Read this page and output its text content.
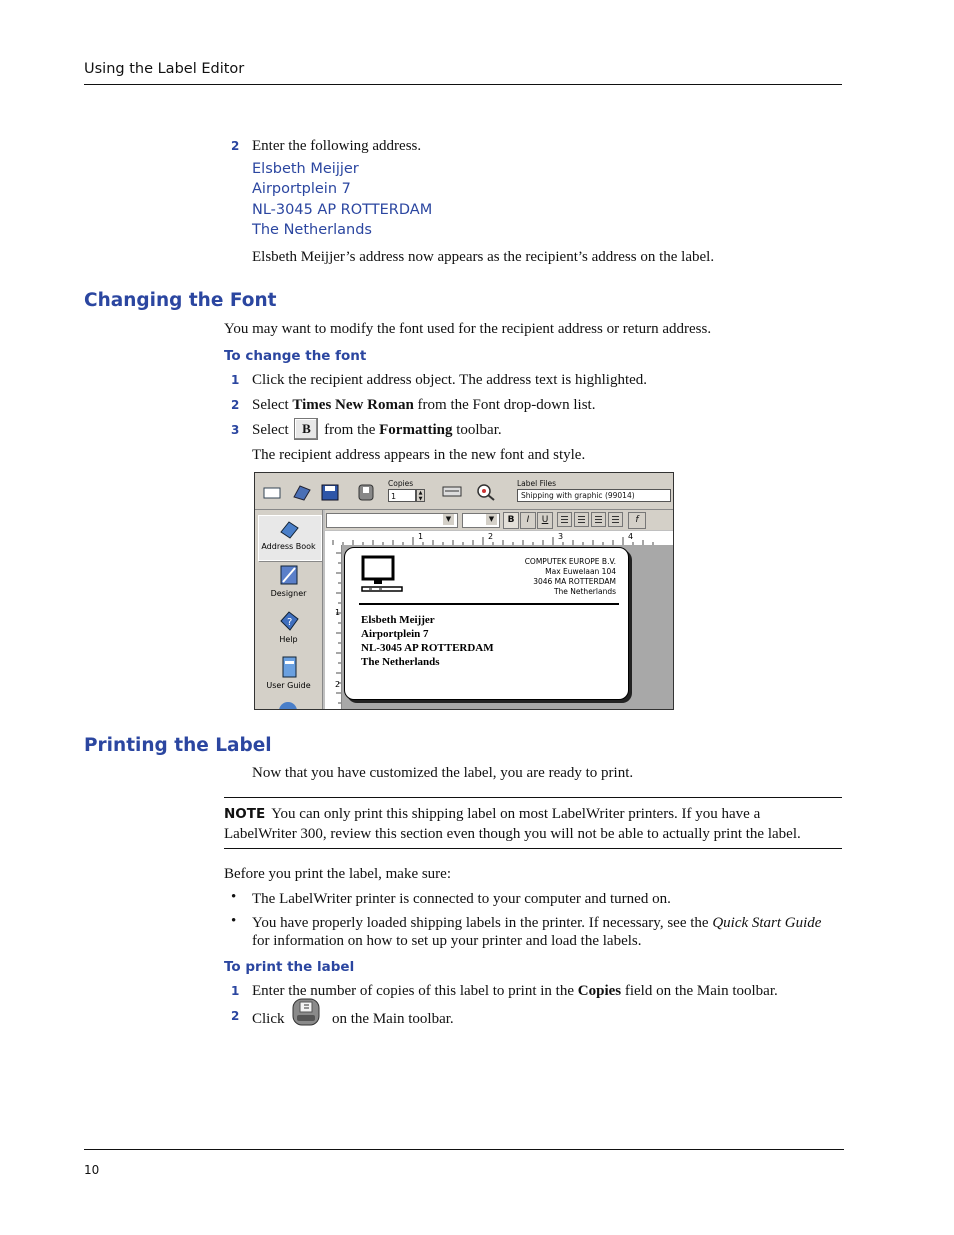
Using the Label Editor
2 Enter the following address.
Elsbeth Meijjer
Airportplein 7
NL-3045 AP ROTTERDAM
The Netherlands
Elsbeth Meijjer’s address now appears as the recipient’s address on the label.
Changing the Font
You may want to modify the font used for the recipient address or return address.
To change the font
1 Click the recipient address object. The address text is highlighted.
2 Select Times New Roman from the Font drop-down list.
3 Select B from the Formatting toolbar.
The recipient address appears in the new font and style.
Copies
1	▲
▼
Label Files
Shipping with graphic (99014)
▼	▼	B	I	U	f
Address Book
Designer
?
Help
User Guide
1	2	3	4
1
2
COMPUTEK EUROPE B.V.
Max Euwelaan 104
3046 MA ROTTERDAM
The Netherlands
Elsbeth Meijjer
Airportplein 7
NL-3045 AP ROTTERDAM
The Netherlands
Printing the Label
Now that you have customized the label, you are ready to print.
NOTE You can only print this shipping label on most LabelWriter printers. If you have a
LabelWriter 300, review this section even though you will not be able to actually print the label.
Before you print the label, make sure:
• The LabelWriter printer is connected to your computer and turned on.
• You have properly loaded shipping labels in the printer. If necessary, see the Quick Start Guide
for information on how to set up your printer and load the labels.
To print the label
1 Enter the number of copies of this label to print in the Copies field on the Main toolbar.
2 Click	on the Main toolbar.
10
